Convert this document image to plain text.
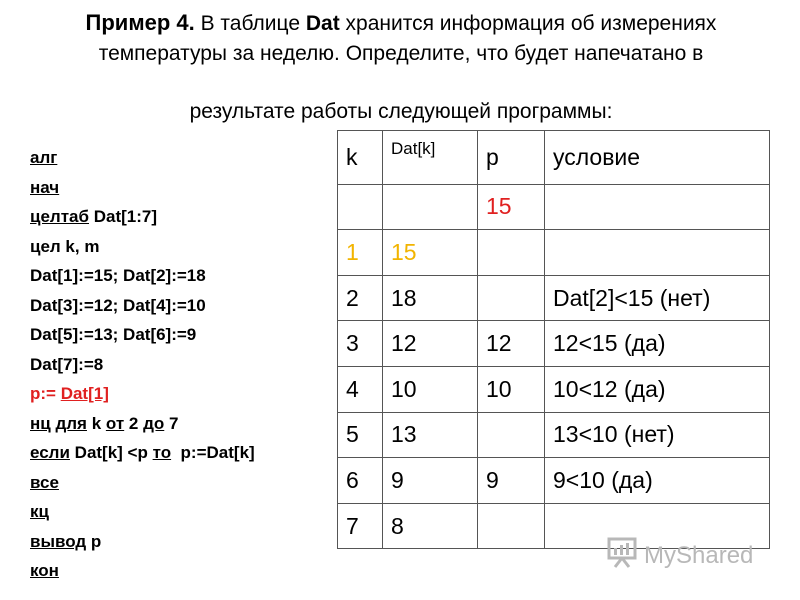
Пример 4. В таблице Dat хранится информация об измерениях
температуры за неделю. Определите, что будет напечатано в
результате работы следующей программы:
алг
нач
целтаб Dat[1:7]
цел k, m
Dat[1]:=15; Dat[2]:=18
Dat[3]:=12; Dat[4]:=10
Dat[5]:=13; Dat[6]:=9
Dat[7]:=8
p:= Dat[1]
нц для k от 2 до 7
если Dat[k] <p то  p:=Dat[k]
все
кц
вывод p
кон
k	Dat[k]	p	условие
		15	
1	15		
2	18		Dat[2]<15 (нет)
3	12	12	12<15 (да)
4	10	10	10<12 (да)
5	13		13<10 (нет)
6	9	9	9<10 (да)
7	8		
MyShared
